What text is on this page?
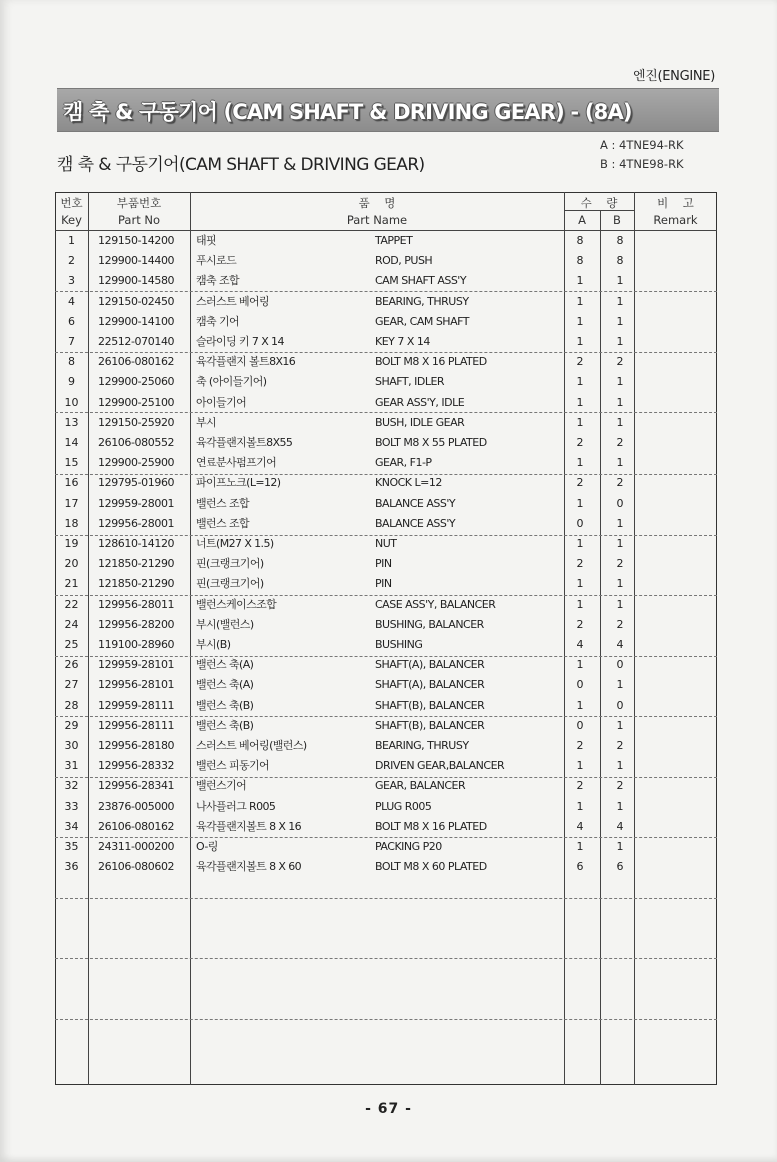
엔진(ENGINE)
캠 축 & 구동기어 (CAM SHAFT & DRIVING GEAR) - (8A)
A : 4TNE94-RK
B : 4TNE98-RK
캠 축 & 구동기어(CAM SHAFT & DRIVING GEAR)
번호
Key
부품번호
Part No
품    명
Part Name
수    량
A	B
비    고
Remark
1	129150-14200 태핏	TAPPET	8	8
2	129900-14400 푸시로드	ROD, PUSH	8	8
3	129900-14580 캠축 조합	CAM SHAFT ASS'Y	1	1
4	129150-02450 스러스트 베어링	BEARING, THRUSY	1	1
6	129900-14100 캠축 기어	GEAR, CAM SHAFT	1	1
7	22512-070140 슬라이딩 키 7 X 14	KEY 7 X 14	1	1
8	26106-080162 육각플랜지 볼트8X16	BOLT M8 X 16 PLATED	2	2
9	129900-25060 축 (아이들기어)	SHAFT, IDLER	1	1
10	129900-25100 아이들기어	GEAR ASS'Y, IDLE	1	1
13	129150-25920 부시	BUSH, IDLE GEAR	1	1
14	26106-080552 육각플랜지볼트8X55	BOLT M8 X 55 PLATED	2	2
15	129900-25900 연료분사펌프기어	GEAR, F1-P	1	1
16	129795-01960 파이프노크(L=12)	KNOCK L=12	2	2
17	129959-28001 밸런스 조합	BALANCE ASS'Y	1	0
18	129956-28001 밸런스 조합	BALANCE ASS'Y	0	1
19	128610-14120 너트(M27 X 1.5)	NUT	1	1
20	121850-21290 핀(크랭크기어)	PIN	2	2
21	121850-21290 핀(크랭크기어)	PIN	1	1
22	129956-28011 밸런스케이스조합	CASE ASS'Y, BALANCER	1	1
24	129956-28200 부시(밸런스)	BUSHING, BALANCER	2	2
25	119100-28960 부시(B)	BUSHING	4	4
26	129959-28101 밸런스 축(A)	SHAFT(A), BALANCER	1	0
27	129956-28101 밸런스 축(A)	SHAFT(A), BALANCER	0	1
28	129959-28111 밸런스 축(B)	SHAFT(B), BALANCER	1	0
29	129956-28111 밸런스 축(B)	SHAFT(B), BALANCER	0	1
30	129956-28180 스러스트 베어링(밸런스)	BEARING, THRUSY	2	2
31	129956-28332 밸런스 피동기어	DRIVEN GEAR,BALANCER	1	1
32	129956-28341 밸런스기어	GEAR, BALANCER	2	2
33	23876-005000 나사플러그 R005	PLUG R005	1	1
34	26106-080162 육각플랜지볼트 8 X 16	BOLT M8 X 16 PLATED	4	4
35	24311-000200 O-링	PACKING P20	1	1
36	26106-080602 육각플랜지볼트 8 X 60	BOLT M8 X 60 PLATED	6	6
- 67 -
